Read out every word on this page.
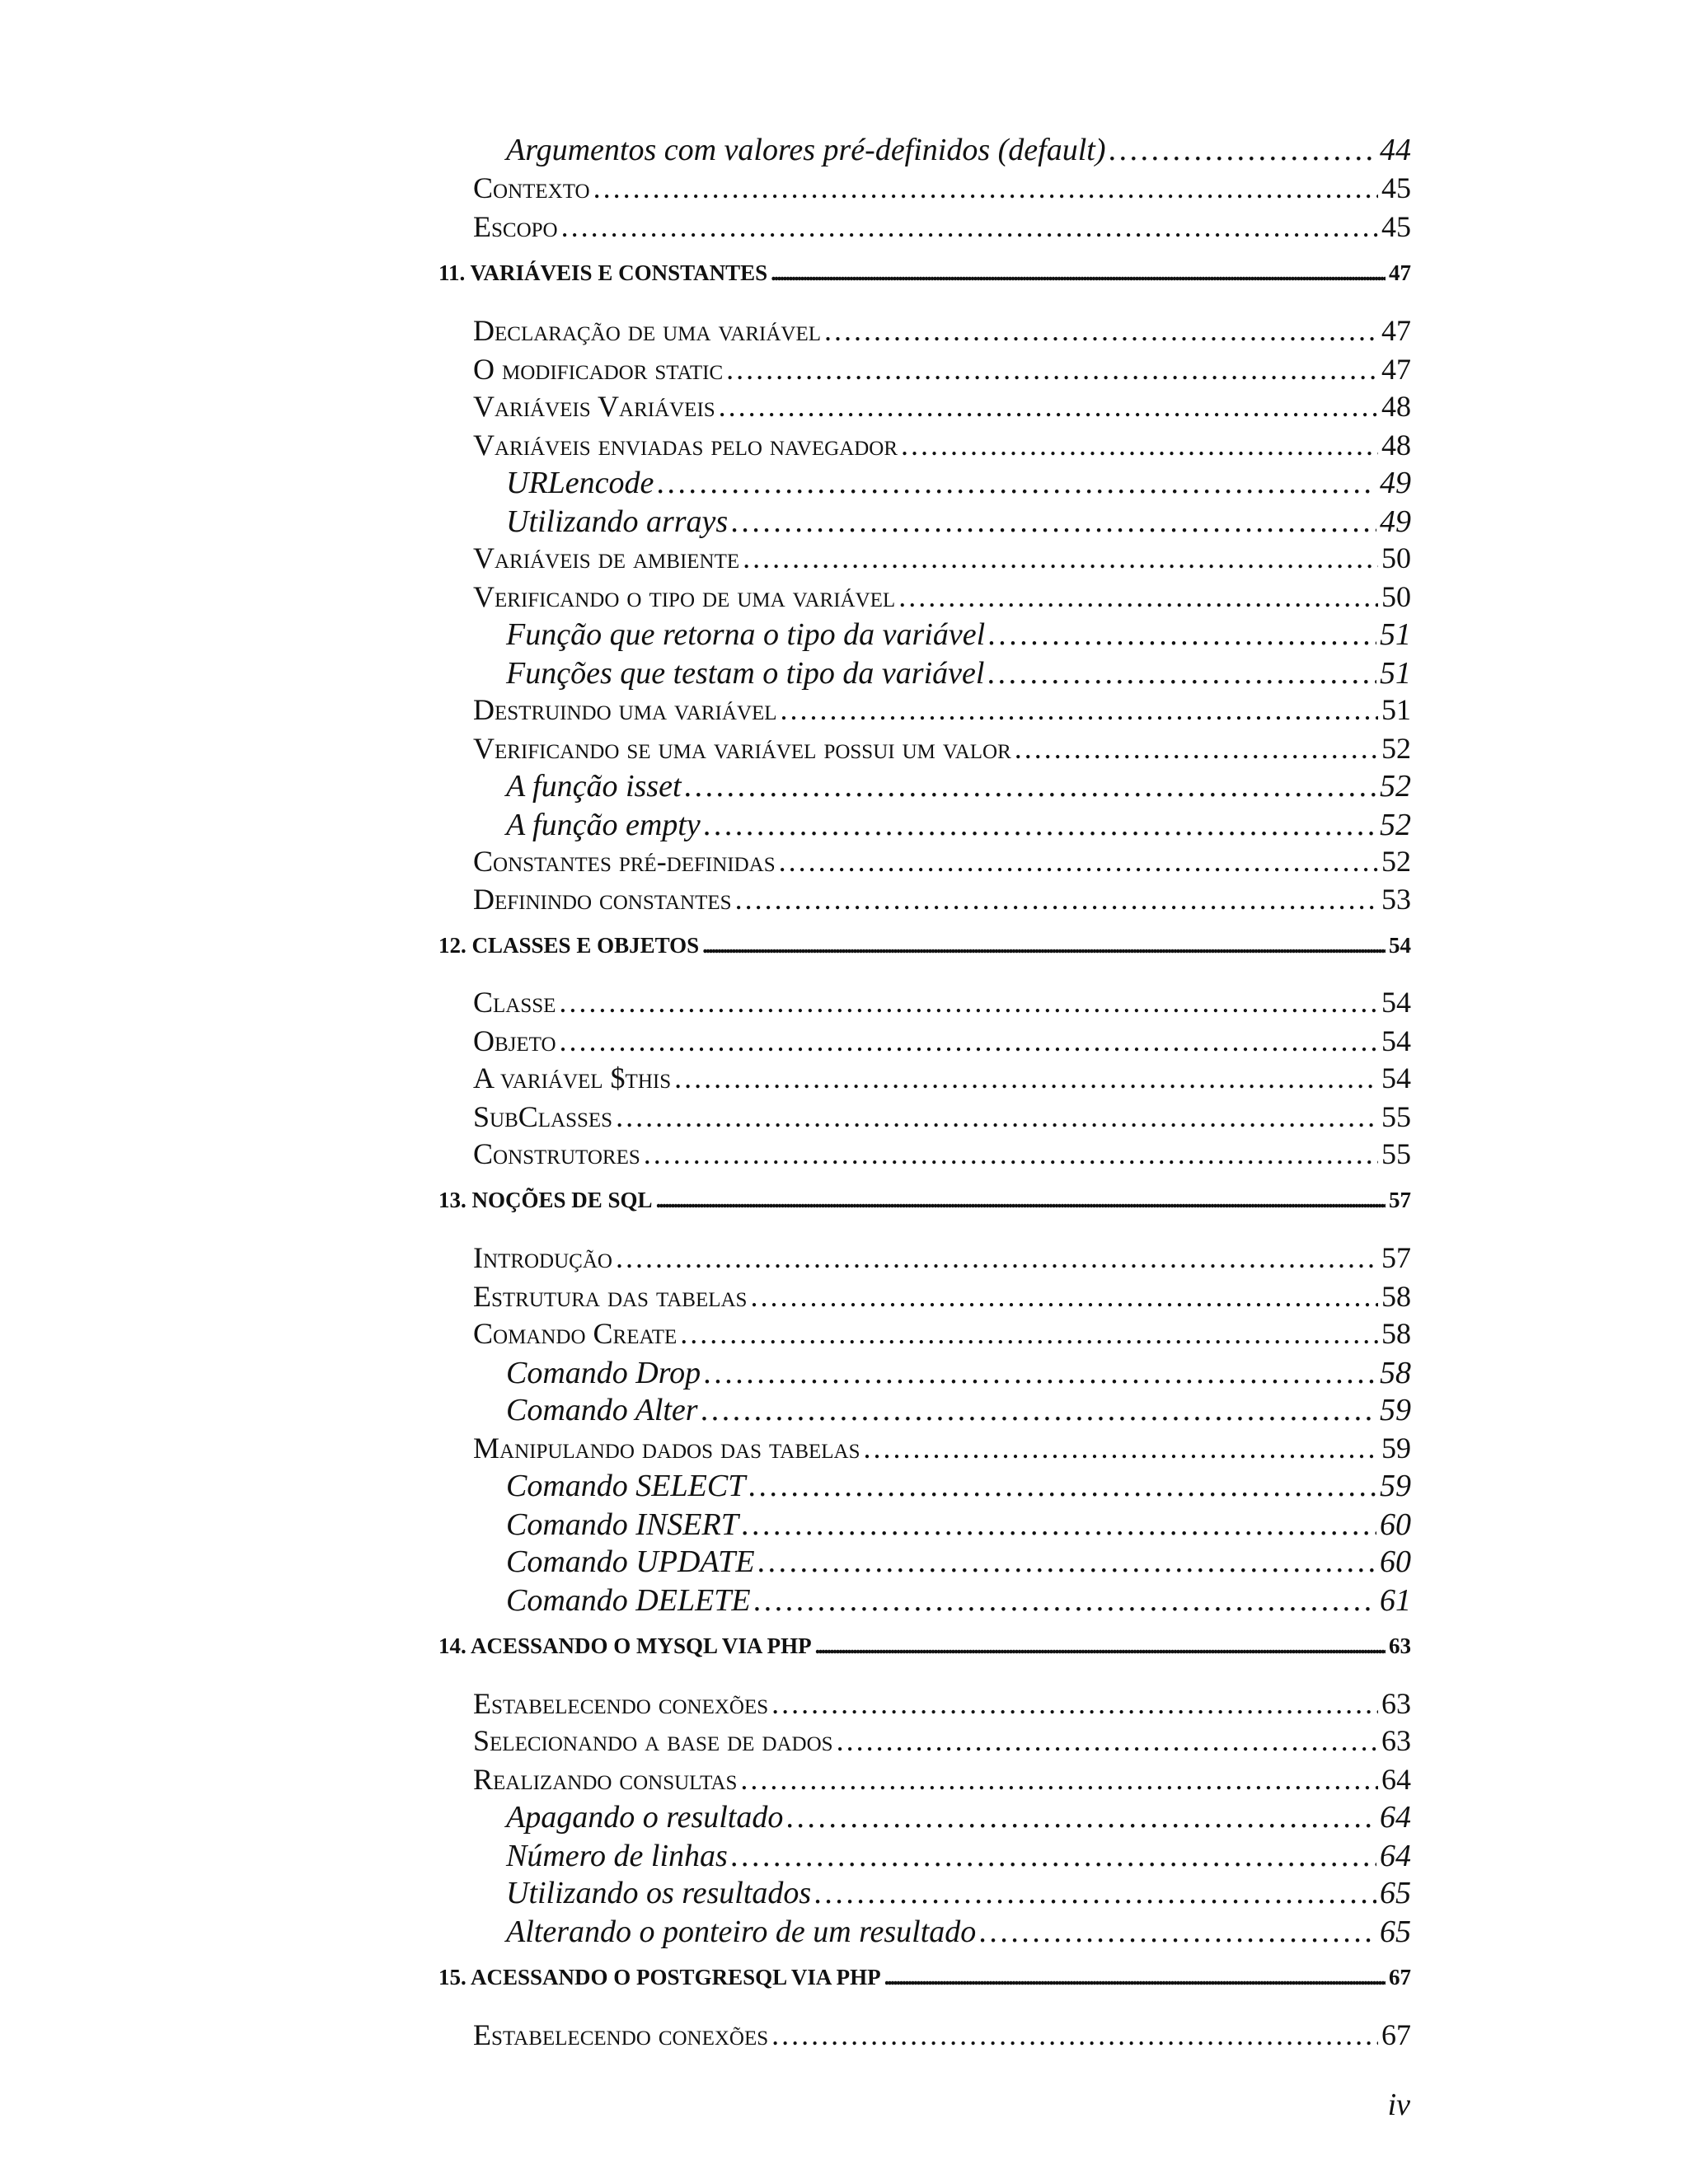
Argumentos com valores pré-definidos (default) . . .	44
Contexto . . .	45
Escopo . . .	45
11. VARIÁVEIS E CONSTANTES . . .	47
Declaração de uma variável . . .	47
O modificador static . . .	47
Variáveis Variáveis . . .	48
Variáveis enviadas pelo navegador . . .	48
URLencode . . .	49
Utilizando arrays . . .	49
Variáveis de ambiente . . .	50
Verificando o tipo de uma variável . . .	50
Função que retorna o tipo da variável . . .	51
Funções que testam o tipo da variável . . .	51
Destruindo uma variável . . .	51
Verificando se uma variável possui um valor . . .	52
A função isset . . .	52
A função empty . . .	52
Constantes pré-definidas . . .	52
Definindo constantes . . .	53
12. CLASSES E OBJETOS . . .	54
Classe . . .	54
Objeto . . .	54
A variável $this . . .	54
SubClasses . . .	55
Construtores . . .	55
13. NOÇÕES DE SQL . . .	57
Introdução . . .	57
Estrutura das tabelas . . .	58
Comando Create . . .	58
Comando Drop . . .	58
Comando Alter . . .	59
Manipulando dados das tabelas . . .	59
Comando SELECT . . .	59
Comando INSERT . . .	60
Comando UPDATE . . .	60
Comando DELETE . . .	61
14. ACESSANDO O MYSQL VIA PHP . . .	63
Estabelecendo conexões . . .	63
Selecionando a base de dados . . .	63
Realizando consultas . . .	64
Apagando o resultado . . .	64
Número de linhas . . .	64
Utilizando os resultados . . .	65
Alterando o ponteiro de um resultado . . .	65
15. ACESSANDO O POSTGRESQL VIA PHP . . .	67
Estabelecendo conexões . . .	67
iv
